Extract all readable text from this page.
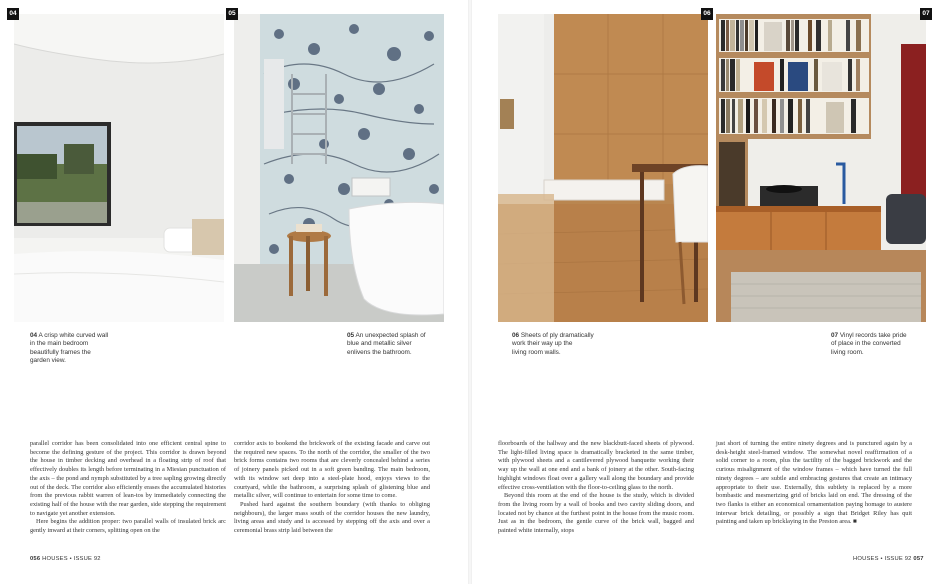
04	05	06	07
04 A crisp white curved wall
in the main bedroom
beautifully frames the
garden view.
05 An unexpected splash of
blue and metallic silver
enlivens the bathroom.
06 Sheets of ply dramatically
work their way up the
living room walls.
07 Vinyl records take pride
of place in the converted
living room.

parallel corridor has been consolidated into one efficient central spine to become the defining gesture of the project. This corridor is drawn beyond the house in timber decking and overhead in a floating strip of roof that effectively doubles its length before terminating in a Miesian punctuation of the axis – the pond and nymph substituted by a tree sapling growing directly out of the deck. The corridor also efficiently erases the accumulated histories from the previous rabbit warren of lean-tos by immediately connecting the existing half of the house with the rear garden, side stepping the requirement to navigate yet another extension.

Here begins the addition proper: two parallel walls of insulated brick arc gently inward at their corners, splitting open on the

corridor axis to bookend the brickwork of the existing facade and carve out the required new spaces. To the north of the corridor, the smaller of the two brick forms contains two rooms that are cleverly concealed behind a series of joinery panels picked out in a soft green banding. The main bedroom, with its window set deep into a steel-plate hood, enjoys views to the courtyard, while the bathroom, a surprising splash of glistening blue and metallic silver, will continue to entertain for some time to come.

Pushed hard against the southern boundary (with thanks to obliging neighbours), the larger mass south of the corridor houses the new laundry, living areas and study and is accessed by stepping off the axis and over a ceremonial brass strip laid between the

floorboards of the hallway and the new blackbutt-faced sheets of plywood. The light-filled living space is dramatically bracketed in the same timber, with plywood sheets and a cantilevered plywood banquette working their way up the wall at one end and a bank of joinery at the other. South-facing highlight windows float over a gallery wall along the boundary and provide effective cross-ventilation with the floor-to-ceiling glass to the north.

Beyond this room at the end of the house is the study, which is divided from the living room by a wall of books and two cavity sliding doors, and located not by chance at the furthest point in the house from the music room. Just as in the bedroom, the gentle curve of the brick wall, bagged and painted white internally, stops

just short of turning the entire ninety degrees and is punctured again by a desk-height steel-framed window. The somewhat novel reaffirmation of a solid corner to a room, plus the tactility of the bagged brickwork and the curious misalignment of the window frames – which have turned the full ninety degrees – are subtle and embracing gestures that create an intimacy appropriate to their use. Externally, this subtlety is replaced by a more bombastic and mesmerizing grid of bricks laid on end. The dressing of the two flanks is either an economical ornamentation paying homage to austere interwar brick detailing, or possibly a sign that Bridget Riley has quit painting and taken up bricklaying in the Preston area. ■

056 HOUSES • ISSUE 92	HOUSES • ISSUE 92 057
